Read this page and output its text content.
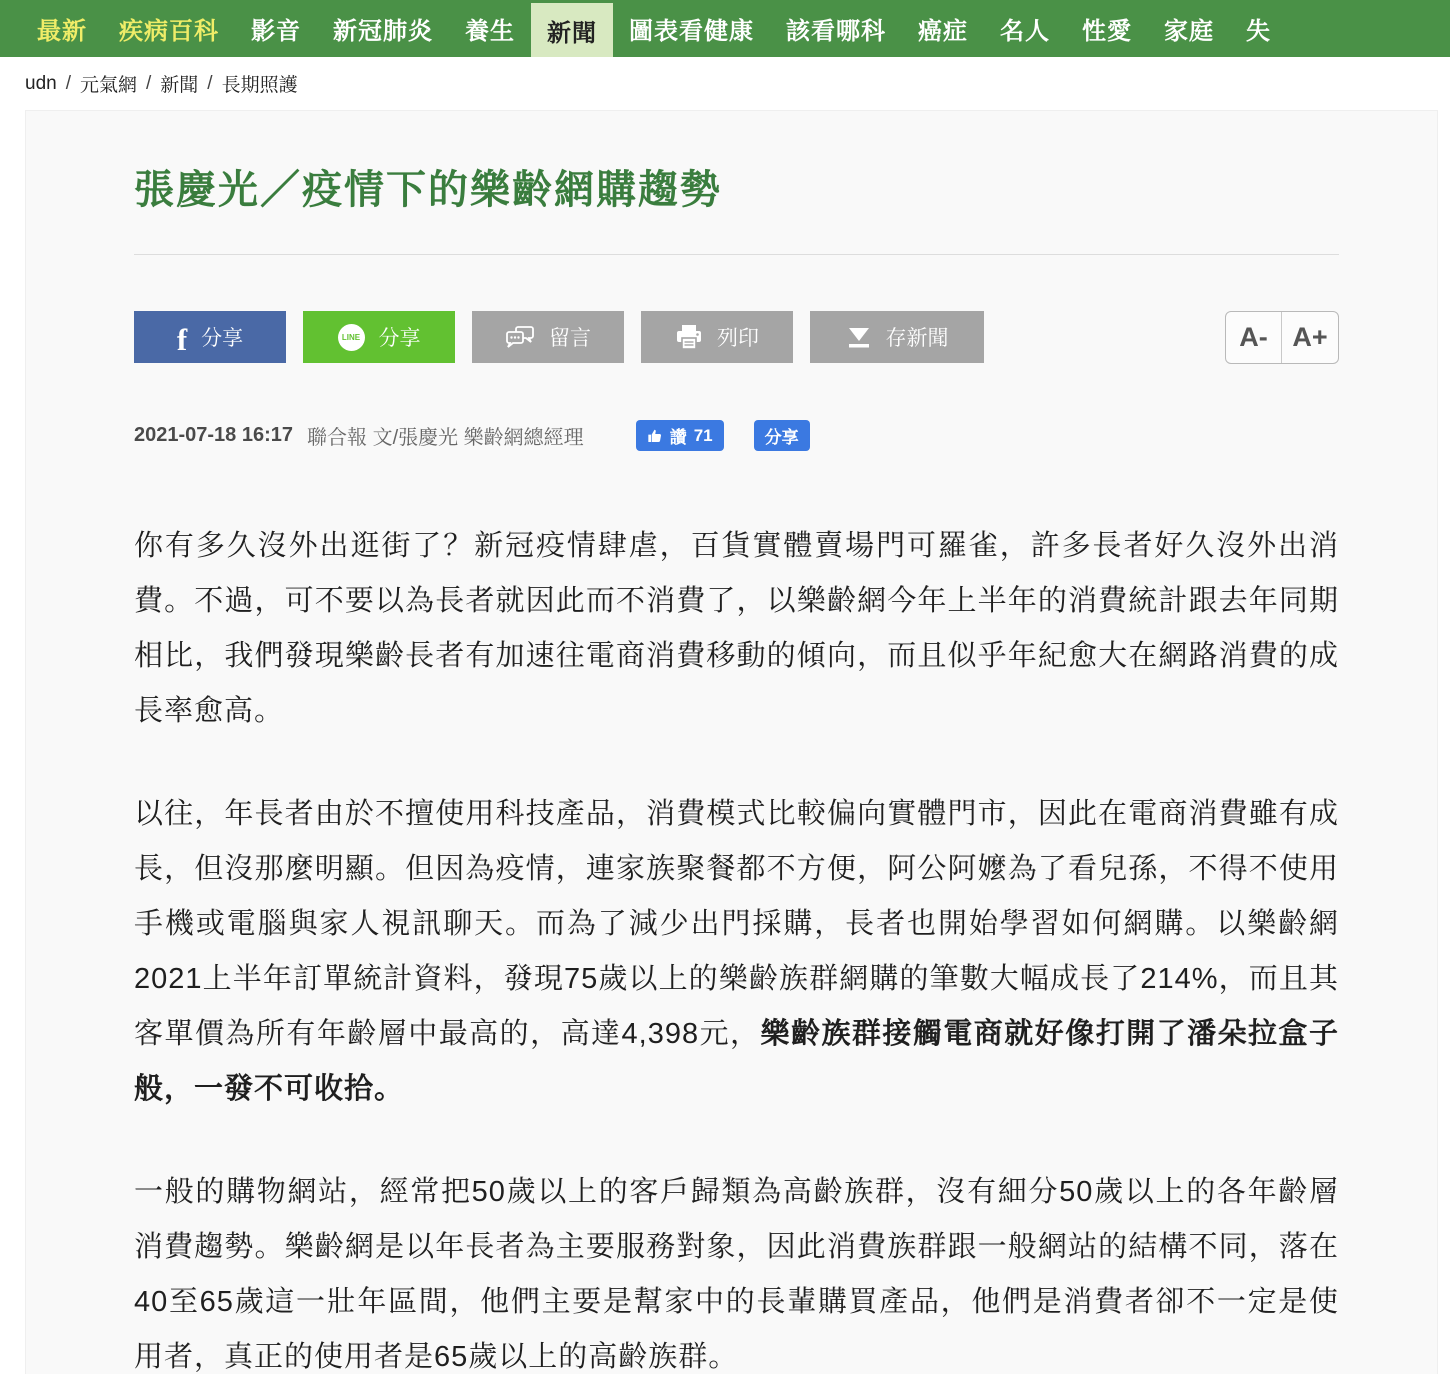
最新	疾病百科	影音	新冠肺炎	養生	新聞	圖表看健康	該看哪科	癌症	名人	性愛	家庭	失
udn / 元氣網 / 新聞 / 長期照護
張慶光／疫情下的樂齡網購趨勢
f 分享	LINE 分享	留言	列印	存新聞	A- A+
2021-07-18 16:17 聯合報 文/張慶光 樂齡網總經理	讚 71	分享

你有多久沒外出逛街了？新冠疫情肆虐，百貨實體賣場門可羅雀，許多長者好久沒外出消費。不過，可不要以為長者就因此而不消費了，以樂齡網今年上半年的消費統計跟去年同期相比，我們發現樂齡長者有加速往電商消費移動的傾向，而且似乎年紀愈大在網路消費的成長率愈高。

以往，年長者由於不擅使用科技產品，消費模式比較偏向實體門市，因此在電商消費雖有成長，但沒那麼明顯。但因為疫情，連家族聚餐都不方便，阿公阿嬤為了看兒孫，不得不使用手機或電腦與家人視訊聊天。而為了減少出門採購，長者也開始學習如何網購。以樂齡網2021上半年訂單統計資料，發現75歲以上的樂齡族群網購的筆數大幅成長了214%，而且其客單價為所有年齡層中最高的，高達4,398元，樂齡族群接觸電商就好像打開了潘朵拉盒子般，一發不可收拾。

一般的購物網站，經常把50歲以上的客戶歸類為高齡族群，沒有細分50歲以上的各年齡層消費趨勢。樂齡網是以年長者為主要服務對象，因此消費族群跟一般網站的結構不同，落在40至65歲這一壯年區間，他們主要是幫家中的長輩購買產品，他們是消費者卻不一定是使用者，真正的使用者是65歲以上的高齡族群。
